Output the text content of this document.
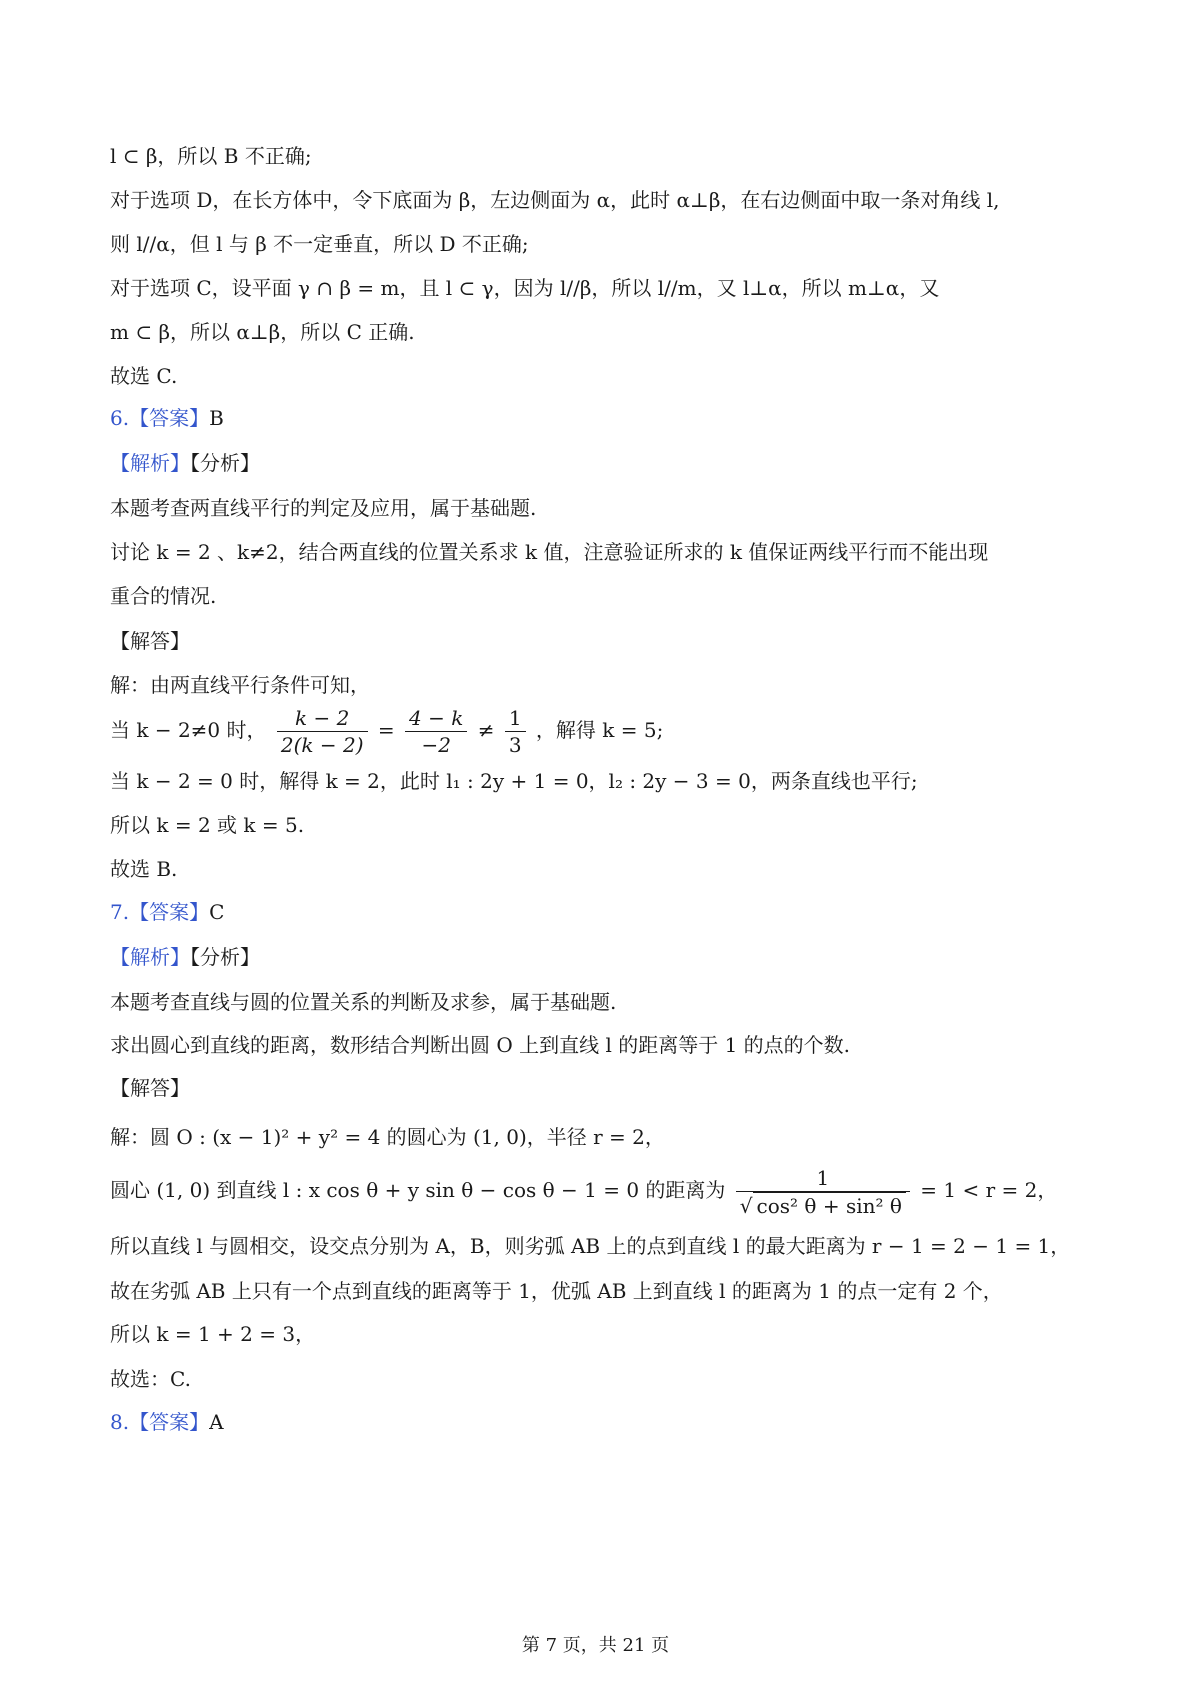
l ⊂ β，所以 B 不正确;
对于选项 D，在长方体中，令下底面为 β，左边侧面为 α，此时 α⊥β，在右边侧面中取一条对角线 l,
则 l//α，但 l 与 β 不一定垂直，所以 D 不正确;
对于选项 C，设平面 γ ∩ β = m，且 l ⊂ γ，因为 l//β，所以 l//m，又 l⊥α，所以 m⊥α，又
m ⊂ β，所以 α⊥β，所以 C 正确.
故选 C.
6.【答案】B
【解析】【分析】
本题考查两直线平行的判定及应用，属于基础题.
讨论 k = 2 、k≠2，结合两直线的位置关系求 k 值，注意验证所求的 k 值保证两线平行而不能出现
重合的情况.
【解答】
解：由两直线平行条件可知，
当 k − 2≠0 时， $\frac{k - 2}{2(k - 2)} = \frac{4 - k}{-2} \ne \frac{1}{3}$ ，解得 k = 5;
当 k − 2 = 0 时，解得 k = 2，此时 l₁ : 2y + 1 = 0，l₂ : 2y − 3 = 0，两条直线也平行;
所以 k = 2 或 k = 5.
故选 B.
7.【答案】C
【解析】【分析】
本题考查直线与圆的位置关系的判断及求参，属于基础题.
求出圆心到直线的距离，数形结合判断出圆 O 上到直线 l 的距离等于 1 的点的个数.
【解答】
解：圆 O : (x − 1)² + y² = 4 的圆心为 (1, 0)，半径 r = 2，
圆心 (1, 0) 到直线 l : x cos θ + y sin θ − cos θ − 1 = 0 的距离为 $\frac{1}{\text{√ cos² θ + sin² θ}} = 1 < r = 2$，
所以直线 l 与圆相交，设交点分别为 A，B，则劣弧 AB 上的点到直线 l 的最大距离为 r − 1 = 2 − 1 = 1，
故在劣弧 AB 上只有一个点到直线的距离等于 1，优弧 AB 上到直线 l 的距离为 1 的点一定有 2 个，
所以 k = 1 + 2 = 3，
故选：C.
8.【答案】A
第 7 页，共 21 页
